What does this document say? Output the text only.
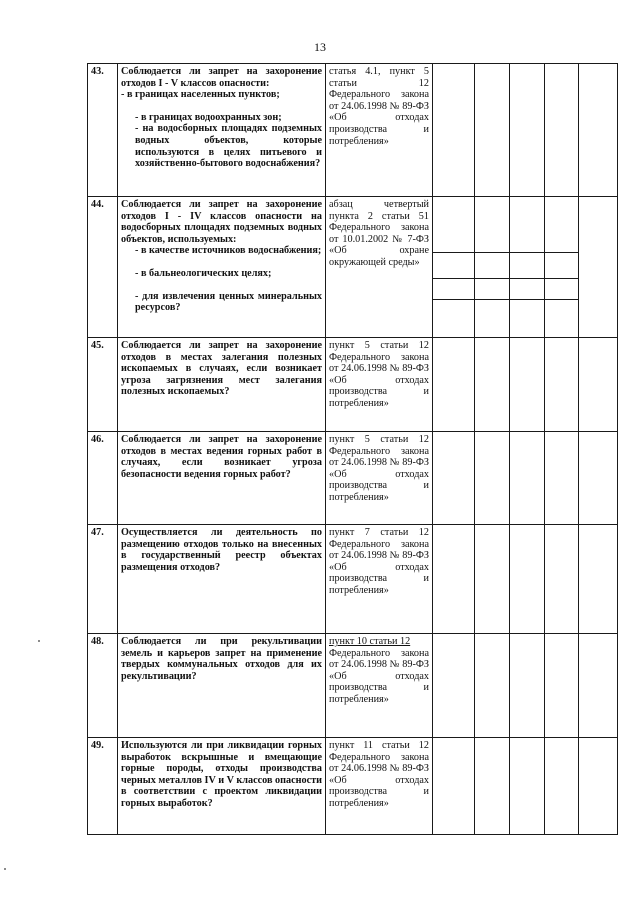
13
43.	Соблюдается ли запрет на захоронение отходов I - V классов опасности:
- в границах населенных пунктов;
- в границах водоохранных зон;
- на водосборных площадях подземных водных объектов, которые используются в целях питьевого и хозяйственно-бытового водоснабжения?	статья 4.1, пункт 5 статьи 12 Федерального закона от 24.06.1998 № 89-ФЗ «Об отходах производства и потребления»					

44.	Соблюдается ли запрет на захоронение отходов I - IV классов опасности на водосборных площадях подземных водных объектов, используемых:
- в качестве источников водоснабжения;
- в бальнеологических целях;
- для извлечения ценных минеральных ресурсов?	абзац четвертый пункта 2 статьи 51 Федерального закона от 10.01.2002 № 7-ФЗ «Об охране окружающей среды»					

45.	Соблюдается ли запрет на захоронение отходов в местах залегания полезных ископаемых в случаях, если возникает угроза загрязнения мест залегания полезных ископаемых?	пункт 5 статьи 12 Федерального закона от 24.06.1998 № 89-ФЗ «Об отходах производства и потребления»					

46.	Соблюдается ли запрет на захоронение отходов в местах ведения горных работ в случаях, если возникает угроза безопасности ведения горных работ?	пункт 5 статьи 12 Федерального закона от 24.06.1998 № 89-ФЗ «Об отходах производства и потребления»					

47.	Осуществляется ли деятельность по размещению отходов только на внесенных в государственный реестр объектах размещения отходов?	пункт 7 статьи 12 Федерального закона от 24.06.1998 № 89-ФЗ «Об отходах производства и потребления»					

48.	Соблюдается ли при рекультивации земель и карьеров запрет на применение твердых коммунальных отходов для их рекультивации?	пункт 10 статьи 12
Федерального закона от 24.06.1998 № 89-ФЗ «Об отходах производства и потребления»					

49.	Используются ли при ликвидации горных выработок вскрышные и вмещающие горные породы, отходы производства черных металлов IV и V классов опасности в соответствии с проектом ликвидации горных выработок?	пункт 11 статьи 12 Федерального закона от 24.06.1998 № 89-ФЗ «Об отходах производства и потребления»					
